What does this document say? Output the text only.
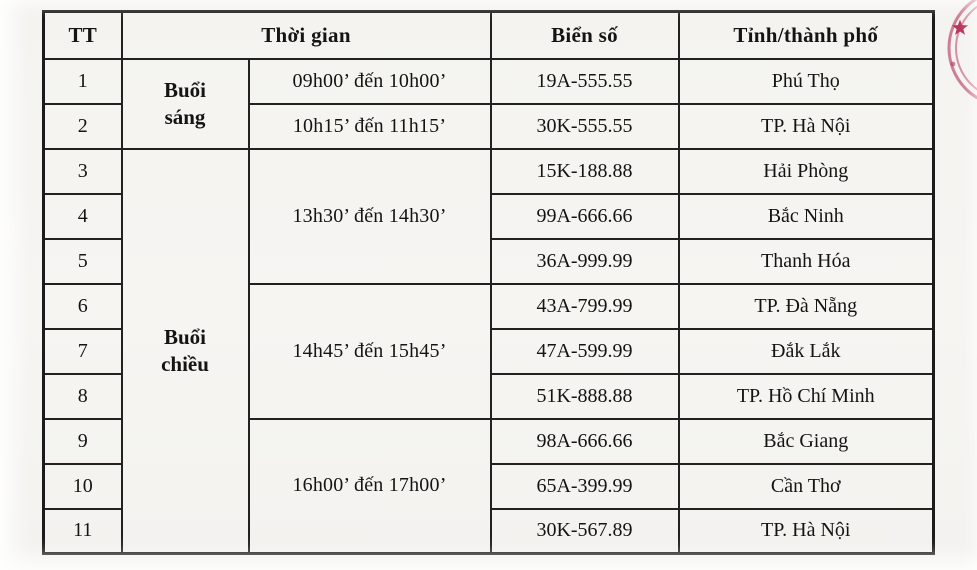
TT	Thời gian		Biển số	Tỉnh/thành phố
1	Buổi sáng	09h00’ đến 10h00’	19A-555.55	Phú Thọ
2		10h15’ đến 11h15’	30K-555.55	TP. Hà Nội
3	Buổi chiều	13h30’ đến 14h30’	15K-188.88	Hải Phòng
4			99A-666.66	Bắc Ninh
5			36A-999.99	Thanh Hóa
6		14h45’ đến 15h45’	43A-799.99	TP. Đà Nẵng
7			47A-599.99	Đắk Lắk
8			51K-888.88	TP. Hồ Chí Minh
9		16h00’ đến 17h00’	98A-666.66	Bắc Giang
10			65A-399.99	Cần Thơ
11			30K-567.89	TP. Hà Nội
